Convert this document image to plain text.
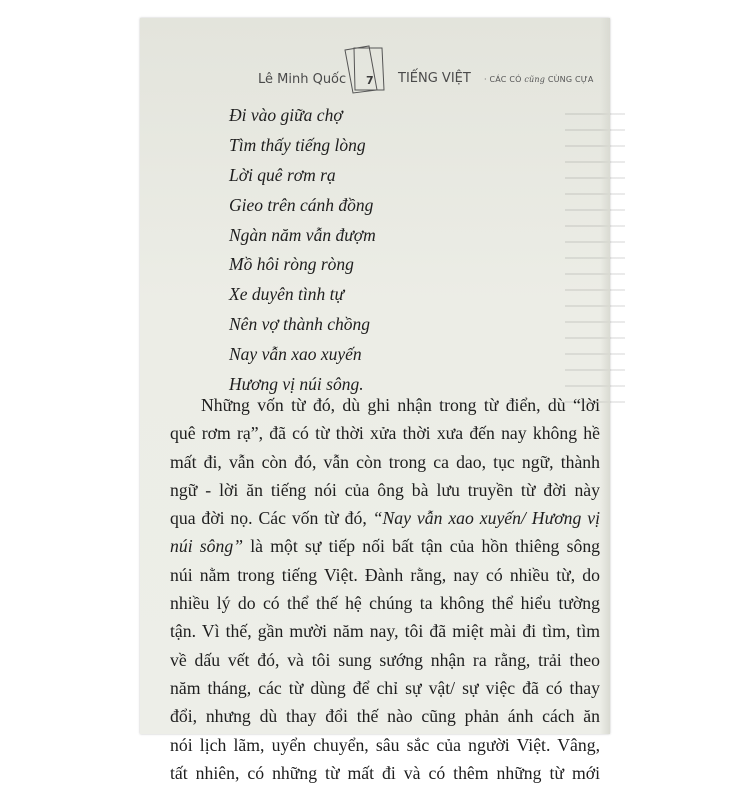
Lê Minh Quốc 7 TIẾNG VIỆT · CÁC CÓ cũng CÙNG CỰA
Đi vào giữa chợ
Tìm thấy tiếng lòng
Lời quê rơm rạ
Gieo trên cánh đồng
Ngàn năm vẫn đượm
Mồ hôi ròng ròng
Xe duyên tình tự
Nên vợ thành chồng
Nay vẫn xao xuyến
Hương vị núi sông.
Những vốn từ đó, dù ghi nhận trong từ điển, dù “lời
quê rơm rạ”, đã có từ thời xửa thời xưa đến nay không hề
mất đi, vẫn còn đó, vẫn còn trong ca dao, tục ngữ, thành
ngữ - lời ăn tiếng nói của ông bà lưu truyền từ đời này
qua đời nọ. Các vốn từ đó, “Nay vẫn xao xuyến/ Hương vị
núi sông” là một sự tiếp nối bất tận của hồn thiêng sông
núi nằm trong tiếng Việt. Đành rằng, nay có nhiều từ, do
nhiều lý do có thể thế hệ chúng ta không thể hiểu tường
tận. Vì thế, gần mười năm nay, tôi đã miệt mài đi tìm, tìm
về dấu vết đó, và tôi sung sướng nhận ra rằng, trải theo
năm tháng, các từ dùng để chỉ sự vật/ sự việc đã có thay
đổi, nhưng dù thay đổi thế nào cũng phản ánh cách ăn
nói lịch lãm, uyển chuyển, sâu sắc của người Việt. Vâng,
tất nhiên, có những từ mất đi và có thêm những từ mới
